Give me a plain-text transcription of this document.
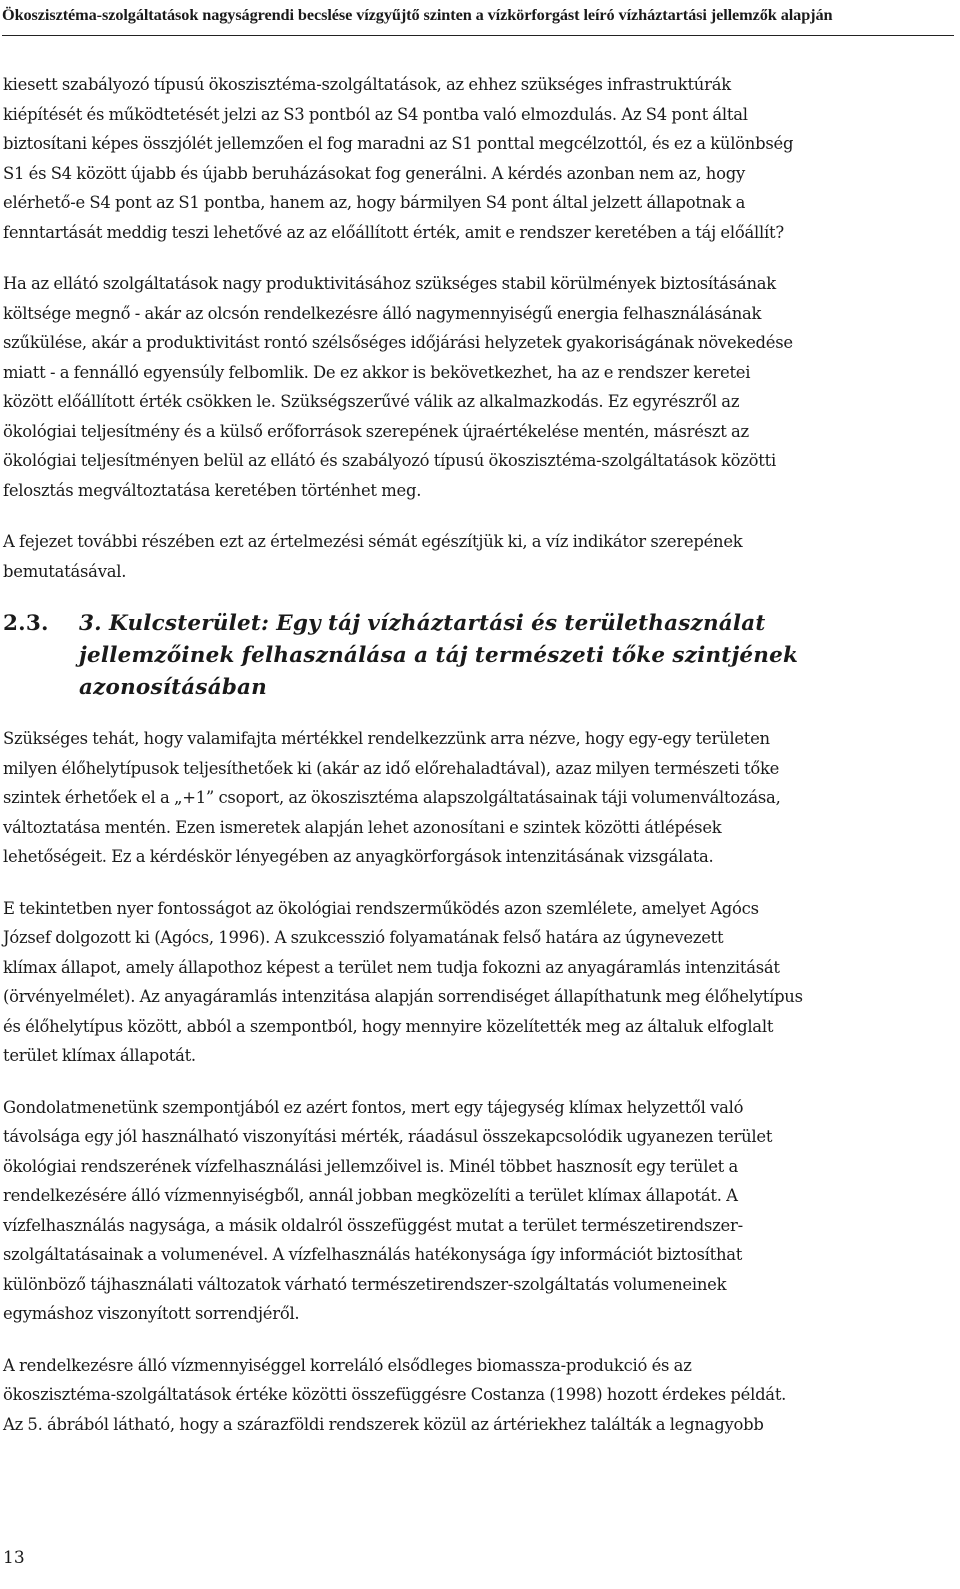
Ökoszisztéma-szolgáltatások nagyságrendi becslése vízgyűjtő szinten a vízkörforgást leíró vízháztartási jellemzők alapján
kiesett szabályozó típusú ökoszisztéma-szolgáltatások, az ehhez szükséges infrastruktúrák
kiépítését és működtetését jelzi az S3 pontból az S4 pontba való elmozdulás. Az S4 pont által
biztosítani képes összjólét jellemzően el fog maradni az S1 ponttal megcélzottól, és ez a különbség
S1 és S4 között újabb és újabb beruházásokat fog generálni. A kérdés azonban nem az, hogy
elérhető-e S4 pont az S1 pontba, hanem az, hogy bármilyen S4 pont által jelzett állapotnak a
fenntartását meddig teszi lehetővé az az előállított érték, amit e rendszer keretében a táj előállít?
Ha az ellátó szolgáltatások nagy produktivitásához szükséges stabil körülmények biztosításának
költsége megnő - akár az olcsón rendelkezésre álló nagymennyiségű energia felhasználásának
szűkülése, akár a produktivitást rontó szélsőséges időjárási helyzetek gyakoriságának növekedése
miatt - a fennálló egyensúly felbomlik. De ez akkor is bekövetkezhet, ha az e rendszer keretei
között előállított érték csökken le. Szükségszerűvé válik az alkalmazkodás. Ez egyrészről az
ökológiai teljesítmény és a külső erőforrások szerepének újraértékelése mentén, másrészt az
ökológiai teljesítményen belül az ellátó és szabályozó típusú ökoszisztéma-szolgáltatások közötti
felosztás megváltoztatása keretében történhet meg.
A fejezet további részében ezt az értelmezési sémát egészítjük ki, a víz indikátor szerepének
bemutatásával.
2.3.	3. Kulcsterület: Egy táj vízháztartási és területhasználat
jellemzőinek felhasználása a táj természeti tőke szintjének
azonosításában
Szükséges tehát, hogy valamifajta mértékkel rendelkezzünk arra nézve, hogy egy-egy területen
milyen élőhelytípusok teljesíthetőek ki (akár az idő előrehaladtával), azaz milyen természeti tőke
szintek érhetőek el a „+1” csoport, az ökoszisztéma alapszolgáltatásainak táji volumenváltozása,
változtatása mentén. Ezen ismeretek alapján lehet azonosítani e szintek közötti átlépések
lehetőségeit. Ez a kérdéskör lényegében az anyagkörforgások intenzitásának vizsgálata.
E tekintetben nyer fontosságot az ökológiai rendszerműködés azon szemlélete, amelyet Agócs
József dolgozott ki (Agócs, 1996). A szukcesszió folyamatának felső határa az úgynevezett
klímax állapot, amely állapothoz képest a terület nem tudja fokozni az anyagáramlás intenzitását
(örvényelmélet). Az anyagáramlás intenzitása alapján sorrendiséget állapíthatunk meg élőhelytípus
és élőhelytípus között, abból a szempontból, hogy mennyire közelítették meg az általuk elfoglalt
terület klímax állapotát.
Gondolatmenetünk szempontjából ez azért fontos, mert egy tájegység klímax helyzettől való
távolsága egy jól használható viszonyítási mérték, ráadásul összekapcsolódik ugyanezen terület
ökológiai rendszerének vízfelhasználási jellemzőivel is. Minél többet hasznosít egy terület a
rendelkezésére álló vízmennyiségből, annál jobban megközelíti a terület klímax állapotát. A
vízfelhasználás nagysága, a másik oldalról összefüggést mutat a terület természetirendszer-
szolgáltatásainak a volumenével. A vízfelhasználás hatékonysága így információt biztosíthat
különböző tájhasználati változatok várható természetirendszer-szolgáltatás volumeneinek
egymáshoz viszonyított sorrendjéről.
A rendelkezésre álló vízmennyiséggel korreláló elsődleges biomassza-produkció és az
ökoszisztéma-szolgáltatások értéke közötti összefüggésre Costanza (1998) hozott érdekes példát.
Az 5. ábrából látható, hogy a szárazföldi rendszerek közül az ártériekhez találták a legnagyobb
13
